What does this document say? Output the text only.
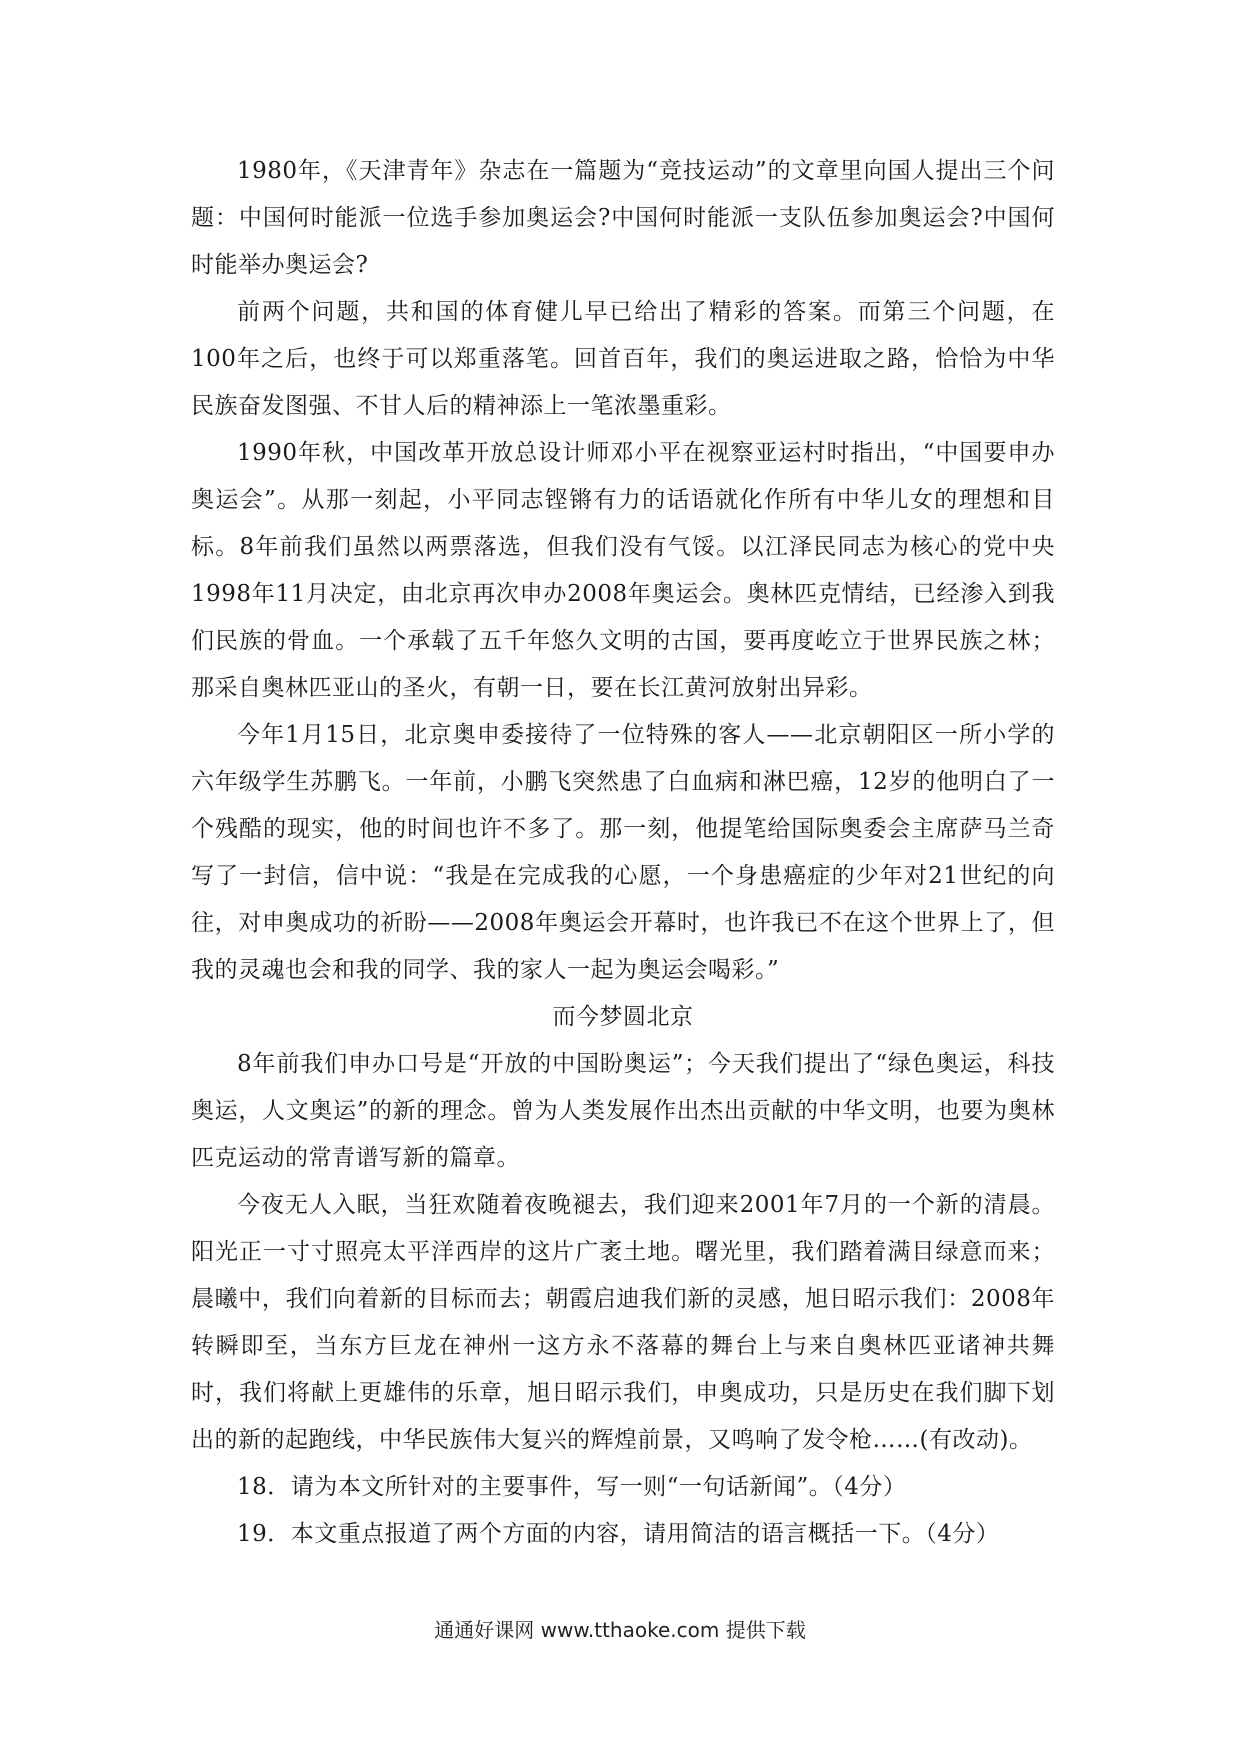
1980年，《天津青年》杂志在一篇题为“竞技运动”的文章里向国人提出三个问题：中国何时能派一位选手参加奥运会?中国何时能派一支队伍参加奥运会?中国何时能举办奥运会?

前两个问题，共和国的体育健儿早已给出了精彩的答案。而第三个问题，在100年之后，也终于可以郑重落笔。回首百年，我们的奥运进取之路，恰恰为中华民族奋发图强、不甘人后的精神添上一笔浓墨重彩。

1990年秋，中国改革开放总设计师邓小平在视察亚运村时指出，“中国要申办奥运会”。从那一刻起，小平同志铿锵有力的话语就化作所有中华儿女的理想和目标。8年前我们虽然以两票落选，但我们没有气馁。以江泽民同志为核心的党中央1998年11月决定，由北京再次申办2008年奥运会。奥林匹克情结，已经渗入到我们民族的骨血。一个承载了五千年悠久文明的古国，要再度屹立于世界民族之林；那采自奥林匹亚山的圣火，有朝一日，要在长江黄河放射出异彩。

今年1月15日，北京奥申委接待了一位特殊的客人——北京朝阳区一所小学的六年级学生苏鹏飞。一年前，小鹏飞突然患了白血病和淋巴癌，12岁的他明白了一个残酷的现实，他的时间也许不多了。那一刻，他提笔给国际奥委会主席萨马兰奇写了一封信，信中说：“我是在完成我的心愿，一个身患癌症的少年对21世纪的向往，对申奥成功的祈盼——2008年奥运会开幕时，也许我已不在这个世界上了，但我的灵魂也会和我的同学、我的家人一起为奥运会喝彩。”

而今梦圆北京

8年前我们申办口号是“开放的中国盼奥运”；今天我们提出了“绿色奥运，科技奥运，人文奥运”的新的理念。曾为人类发展作出杰出贡献的中华文明，也要为奥林匹克运动的常青谱写新的篇章。

今夜无人入眠，当狂欢随着夜晚褪去，我们迎来2001年7月的一个新的清晨。阳光正一寸寸照亮太平洋西岸的这片广袤土地。曙光里，我们踏着满目绿意而来；晨曦中，我们向着新的目标而去；朝霞启迪我们新的灵感，旭日昭示我们：2008年转瞬即至，当东方巨龙在神州一这方永不落幕的舞台上与来自奥林匹亚诸神共舞时，我们将献上更雄伟的乐章，旭日昭示我们，申奥成功，只是历史在我们脚下划出的新的起跑线，中华民族伟大复兴的辉煌前景，又鸣响了发令枪……(有改动)。

18．请为本文所针对的主要事件，写一则“一句话新闻”。（4分）

19．本文重点报道了两个方面的内容，请用简洁的语言概括一下。（4分）

通通好课网 www.tthaoke.com 提供下载
